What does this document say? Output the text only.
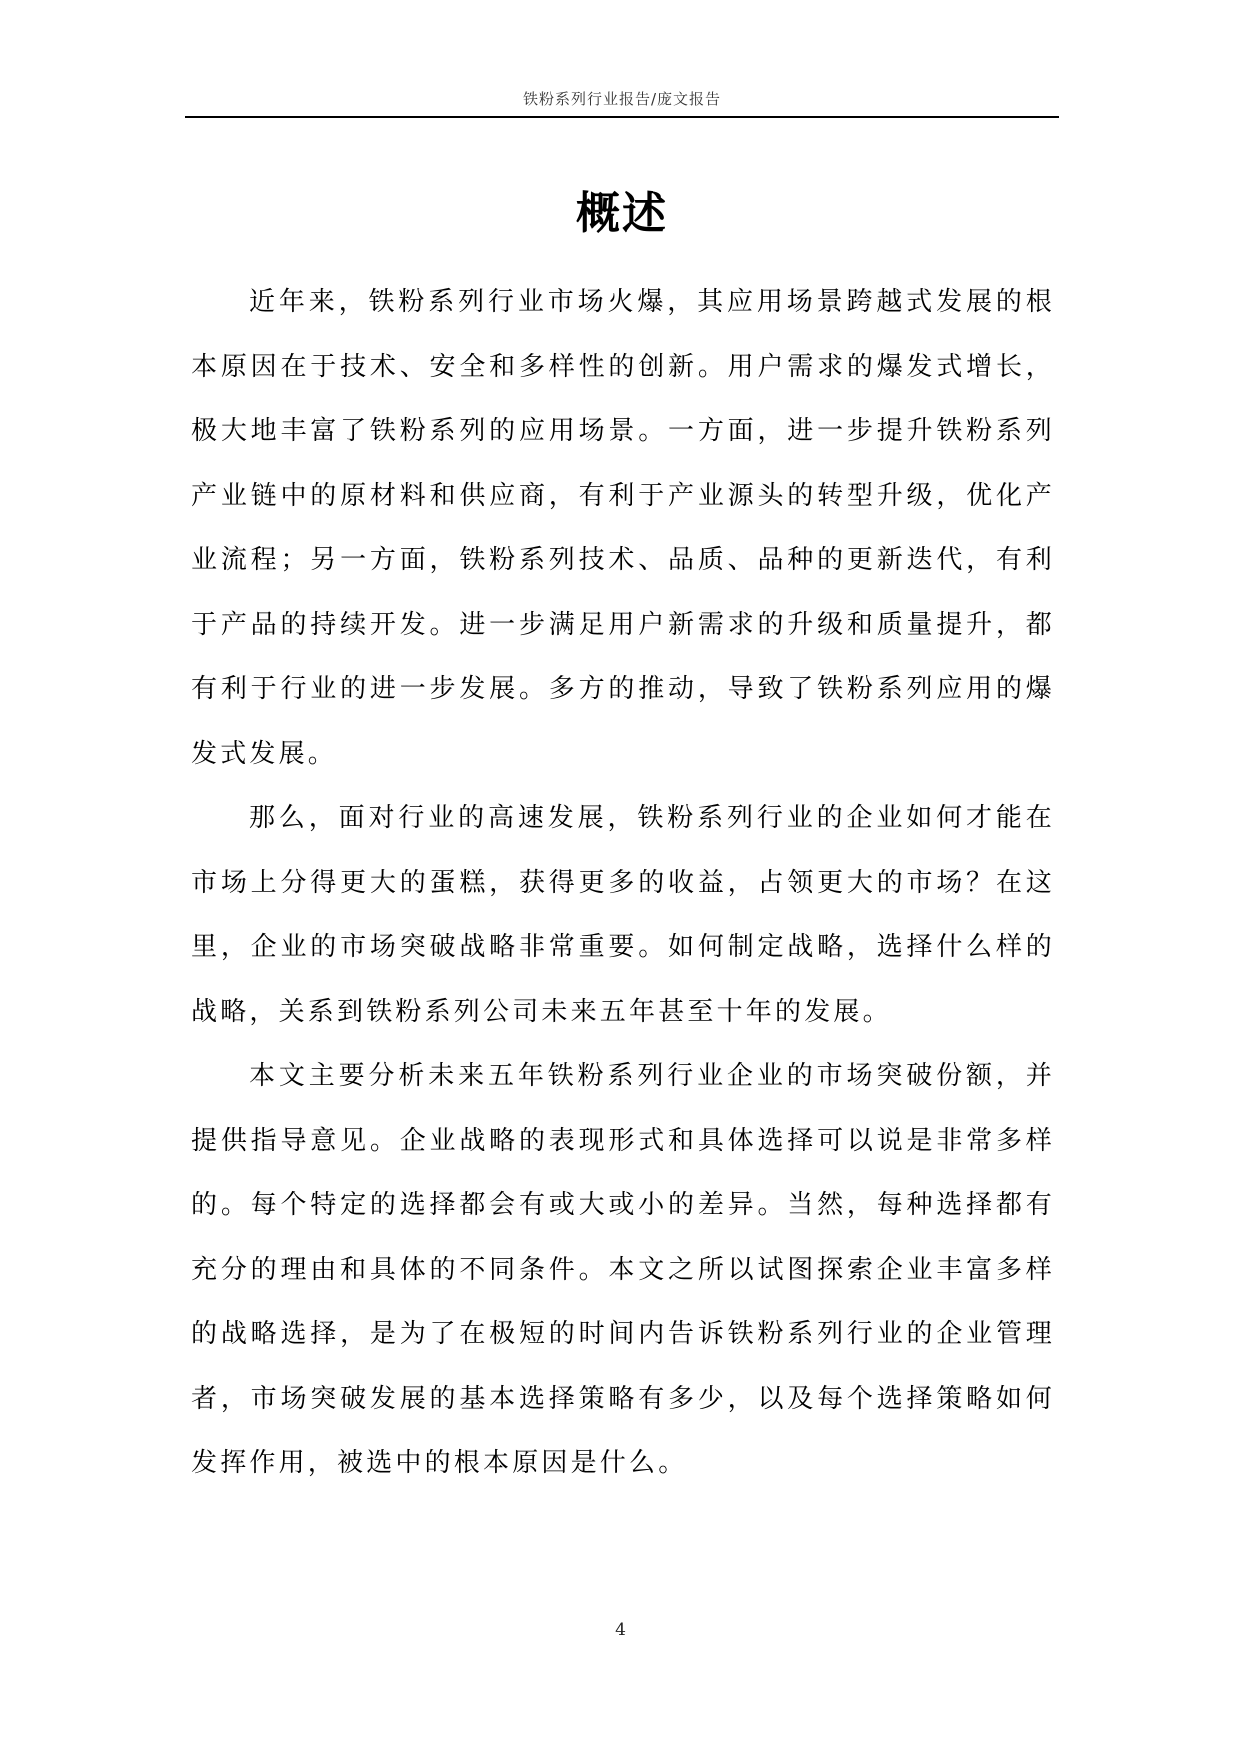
铁粉系列行业报告/庞文报告
概述

近年来，铁粉系列行业市场火爆，其应用场景跨越式发展的根本原因在于技术、安全和多样性的创新。用户需求的爆发式增长，极大地丰富了铁粉系列的应用场景。一方面，进一步提升铁粉系列产业链中的原材料和供应商，有利于产业源头的转型升级，优化产业流程；另一方面，铁粉系列技术、品质、品种的更新迭代，有利于产品的持续开发。进一步满足用户新需求的升级和质量提升，都有利于行业的进一步发展。多方的推动，导致了铁粉系列应用的爆发式发展。

那么，面对行业的高速发展，铁粉系列行业的企业如何才能在市场上分得更大的蛋糕，获得更多的收益，占领更大的市场？在这里，企业的市场突破战略非常重要。如何制定战略，选择什么样的战略，关系到铁粉系列公司未来五年甚至十年的发展。

本文主要分析未来五年铁粉系列行业企业的市场突破份额，并提供指导意见。企业战略的表现形式和具体选择可以说是非常多样的。每个特定的选择都会有或大或小的差异。当然，每种选择都有充分的理由和具体的不同条件。本文之所以试图探索企业丰富多样的战略选择，是为了在极短的时间内告诉铁粉系列行业的企业管理者，市场突破发展的基本选择策略有多少，以及每个选择策略如何发挥作用，被选中的根本原因是什么。

4
